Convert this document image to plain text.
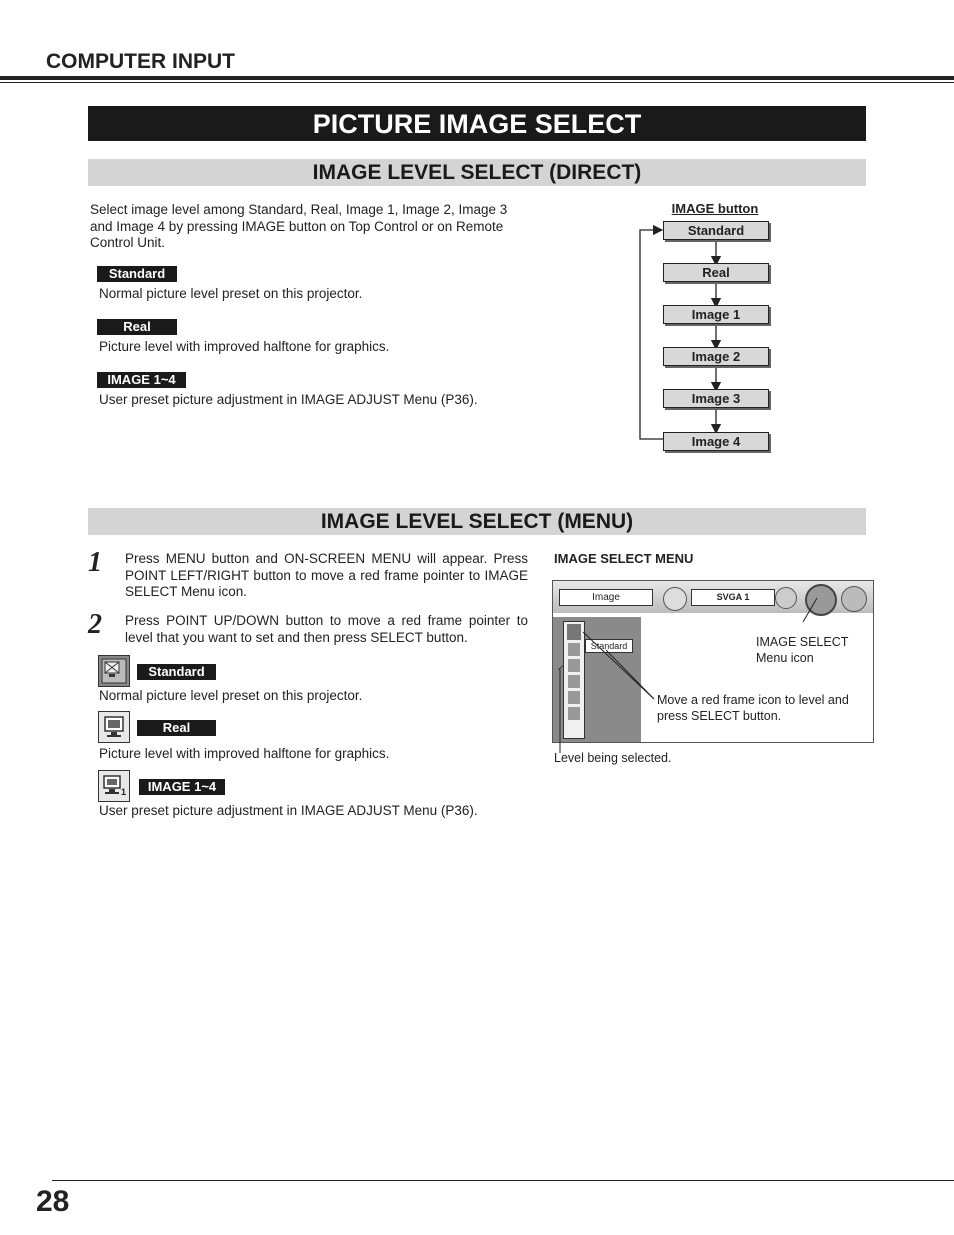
COMPUTER INPUT
PICTURE IMAGE SELECT
IMAGE LEVEL SELECT (DIRECT)
Select image level among Standard, Real, Image 1, Image 2, Image 3 and Image 4 by pressing IMAGE button on Top Control or on Remote Control Unit.
Standard
Normal picture level preset on this projector.
Real
Picture level with improved halftone for graphics.
IMAGE 1~4
User preset picture adjustment in IMAGE ADJUST Menu (P36).
IMAGE button
Standard
Real
Image 1
Image 2
Image 3
Image 4
IMAGE LEVEL SELECT (MENU)
1 Press MENU button and ON-SCREEN MENU will appear. Press POINT LEFT/RIGHT button to move a red frame pointer to IMAGE SELECT Menu icon.
2 Press POINT UP/DOWN button to move a red frame pointer to level that you want to set and then press SELECT button.
Standard
Normal picture level preset on this projector.
Real
Picture level with improved halftone for graphics.
1	IMAGE 1~4
User preset picture adjustment in IMAGE ADJUST Menu (P36).
IMAGE SELECT MENU
Image	SVGA 1
✓
Standard	IMAGE SELECT Menu icon
Move a red frame icon to level and press SELECT button.
Level being selected.
28
